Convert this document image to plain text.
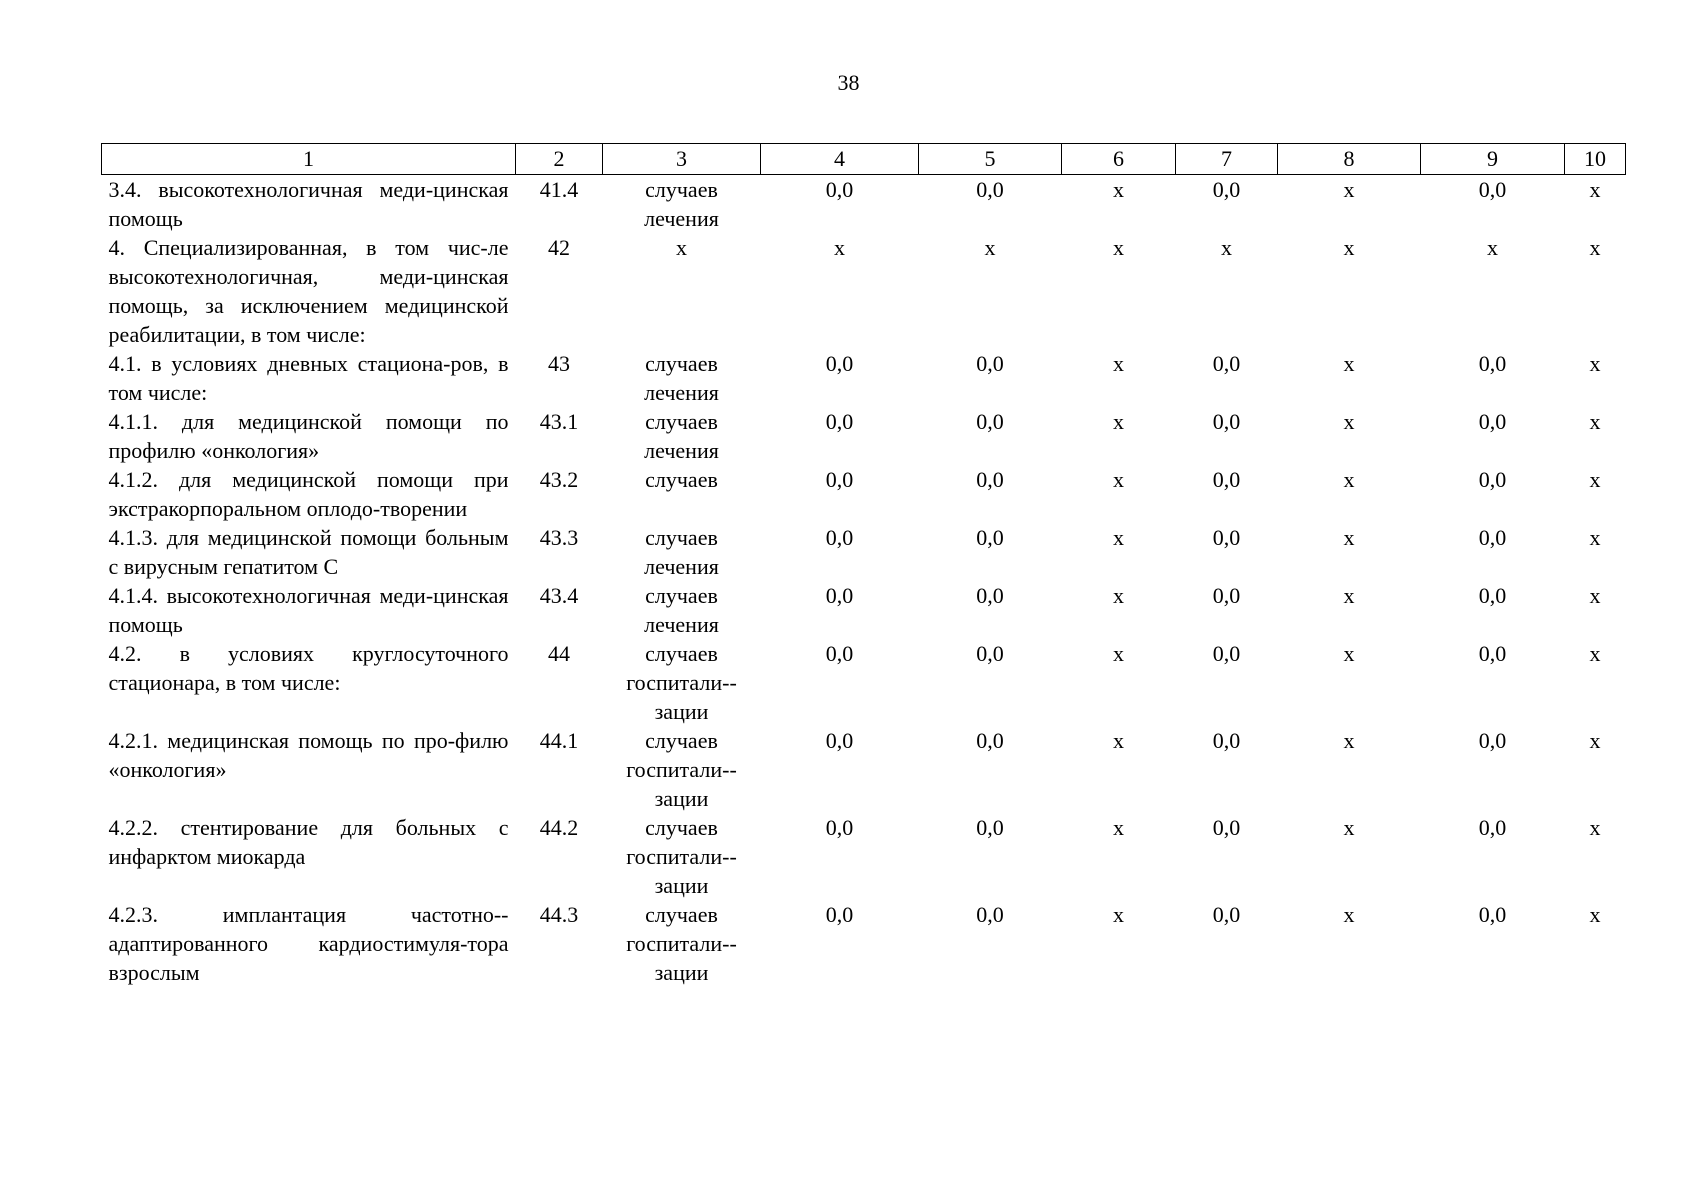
38
1	2	3	4	5	6	7	8	9	10
3.4. высокотехнологичная меди-цинская помощь	41.4	случаев лечения	0,0	0,0	х	0,0	х	0,0	х
4. Специализированная, в том чис-ле высокотехнологичная, меди-цинская помощь, за исключением медицинской реабилитации, в том числе:	42	х	х	х	х	х	х	х	х
4.1. в условиях дневных стациона-ров, в том числе:	43	случаев лечения	0,0	0,0	х	0,0	х	0,0	х
4.1.1. для медицинской помощи по профилю «онкология»	43.1	случаев лечения	0,0	0,0	х	0,0	х	0,0	х
4.1.2. для медицинской помощи при экстракорпоральном оплодо-творении	43.2	случаев	0,0	0,0	х	0,0	х	0,0	х
4.1.3. для медицинской помощи больным с вирусным гепатитом С	43.3	случаев лечения	0,0	0,0	х	0,0	х	0,0	х
4.1.4. высокотехнологичная меди-цинская помощь	43.4	случаев лечения	0,0	0,0	х	0,0	х	0,0	х
4.2. в условиях круглосуточного стационара, в том числе:	44	случаев госпитали-зации	0,0	0,0	х	0,0	х	0,0	х
4.2.1. медицинская помощь по про-филю «онкология»	44.1	случаев госпитали-зации	0,0	0,0	х	0,0	х	0,0	х
4.2.2. стентирование для больных с инфарктом миокарда	44.2	случаев госпитали-зации	0,0	0,0	х	0,0	х	0,0	х
4.2.3. имплантация частотно-адаптированного кардиостимуля-тора взрослым	44.3	случаев госпитали-зации	0,0	0,0	х	0,0	х	0,0	х
